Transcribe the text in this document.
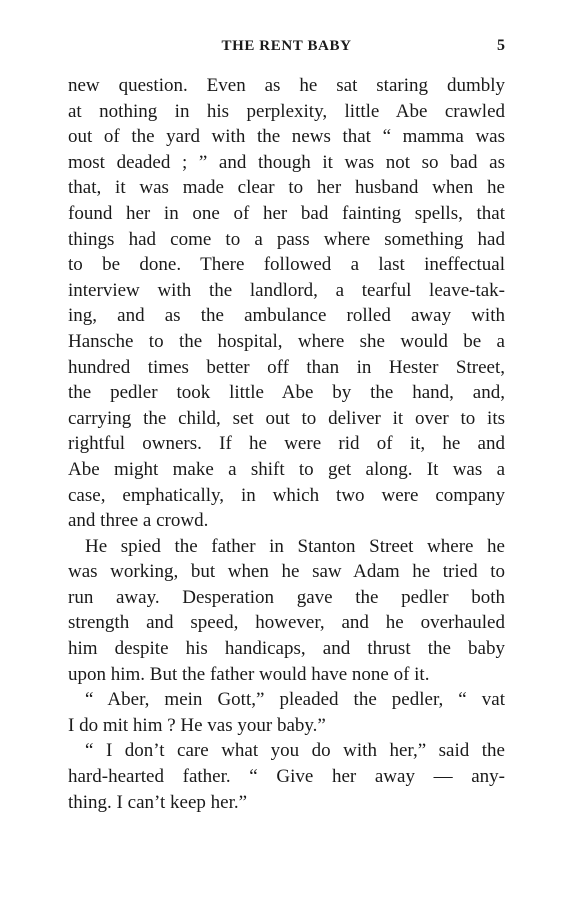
THE RENT BABY	5
new question. Even as he sat staring dumbly
at nothing in his perplexity, little Abe crawled
out of the yard with the news that “ mamma was
most deaded ; ” and though it was not so bad as
that, it was made clear to her husband when he
found her in one of her bad fainting spells, that
things had come to a pass where something had
to be done. There followed a last ineffectual
interview with the landlord, a tearful leave-tak-
ing, and as the ambulance rolled away with
Hansche to the hospital, where she would be a
hundred times better off than in Hester Street,
the pedler took little Abe by the hand, and,
carrying the child, set out to deliver it over to its
rightful owners. If he were rid of it, he and
Abe might make a shift to get along. It was a
case, emphatically, in which two were company
and three a crowd.
He spied the father in Stanton Street where he
was working, but when he saw Adam he tried to
run away. Desperation gave the pedler both
strength and speed, however, and he overhauled
him despite his handicaps, and thrust the baby
upon him. But the father would have none of it.
“ Aber, mein Gott,” pleaded the pedler, “ vat
I do mit him ? He vas your baby.”
“ I don’t care what you do with her,” said the
hard-hearted father. “ Give her away — any-
thing. I can’t keep her.”
